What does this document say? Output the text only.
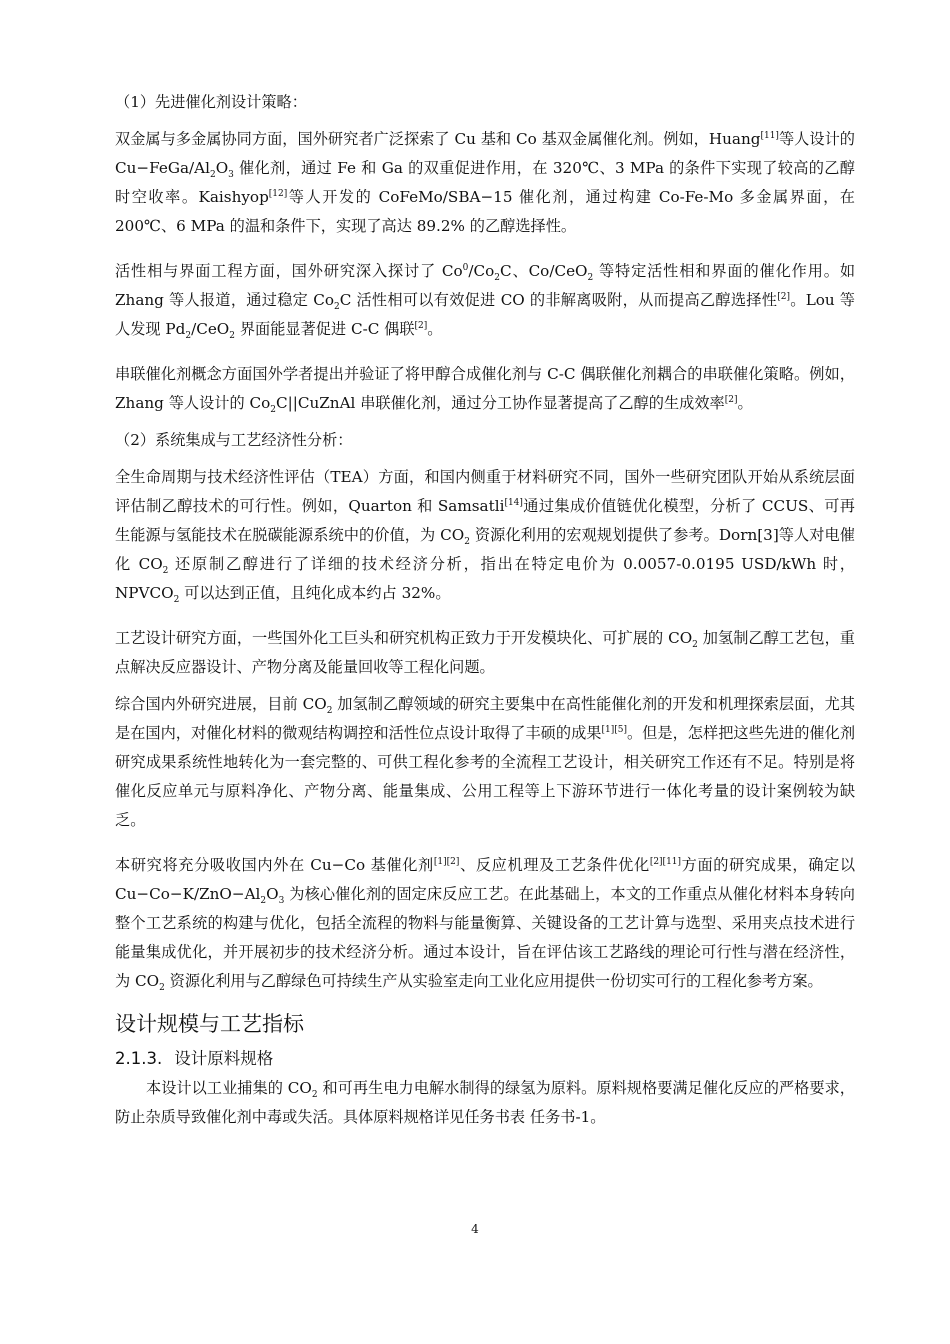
（1）先进催化剂设计策略：

双金属与多金属协同方面，国外研究者广泛探索了 Cu 基和 Co 基双金属催化剂。例如，Huang[11]等人设计的 $Cu-FeGa/Al_2O_3$ 催化剂，通过 Fe 和 Ga 的双重促进作用，在 320℃、3 MPa 的条件下实现了较高的乙醇时空收率。Kaishyop[12]等人开发的 CoFeMo/SBA−15 催化剂，通过构建 Co-Fe-Mo 多金属界面，在 200℃、6 MPa 的温和条件下，实现了高达 89.2% 的乙醇选择性。

活性相与界面工程方面，国外研究深入探讨了 $Co^0/Co_2C$、Co/CeO$_2$ 等特定活性相和界面的催化作用。如 Zhang 等人报道，通过稳定 $Co_2C$ 活性相可以有效促进 CO 的非解离吸附，从而提高乙醇选择性[2]。Lou 等人发现 $Pd_2/CeO_2$ 界面能显著促进 C-C 偶联[2]。

串联催化剂概念方面国外学者提出并验证了将甲醇合成催化剂与 C-C 偶联催化剂耦合的串联催化策略。例如，Zhang 等人设计的 $Co_2C||CuZnAl$ 串联催化剂，通过分工协作显著提高了乙醇的生成效率[2]。

（2）系统集成与工艺经济性分析：

全生命周期与技术经济性评估（TEA）方面，和国内侧重于材料研究不同，国外一些研究团队开始从系统层面评估制乙醇技术的可行性。例如，Quarton 和 Samsatli[14]通过集成价值链优化模型，分析了 CCUS、可再生能源与氢能技术在脱碳能源系统中的价值，为 $CO_2$ 资源化利用的宏观规划提供了参考。Dorn[3]等人对电催化 $CO_2$ 还原制乙醇进行了详细的技术经济分析，指出在特定电价为 0.0057-0.0195 USD/kWh 时，$NPVCO_2$ 可以达到正值，且纯化成本约占 32%。

工艺设计研究方面，一些国外化工巨头和研究机构正致力于开发模块化、可扩展的 $CO_2$ 加氢制乙醇工艺包，重点解决反应器设计、产物分离及能量回收等工程化问题。

综合国内外研究进展，目前 $CO_2$ 加氢制乙醇领域的研究主要集中在高性能催化剂的开发和机理探索层面，尤其是在国内，对催化材料的微观结构调控和活性位点设计取得了丰硕的成果[1][5]。但是，怎样把这些先进的催化剂研究成果系统性地转化为一套完整的、可供工程化参考的全流程工艺设计，相关研究工作还有不足。特别是将催化反应单元与原料净化、产物分离、能量集成、公用工程等上下游环节进行一体化考量的设计案例较为缺乏。

本研究将充分吸收国内外在 Cu−Co 基催化剂[1][2]、反应机理及工艺条件优化[2][11]方面的研究成果，确定以 $Cu-Co-K/ZnO-Al_2O_3$ 为核心催化剂的固定床反应工艺。在此基础上，本文的工作重点从催化材料本身转向整个工艺系统的构建与优化，包括全流程的物料与能量衡算、关键设备的工艺计算与选型、采用夹点技术进行能量集成优化，并开展初步的技术经济分析。通过本设计，旨在评估该工艺路线的理论可行性与潜在经济性，为 $CO_2$ 资源化利用与乙醇绿色可持续生产从实验室走向工业化应用提供一份切实可行的工程化参考方案。

设计规模与工艺指标
2.1.3. 设计原料规格

本设计以工业捕集的 $CO_2$ 和可再生电力电解水制得的绿氢为原料。原料规格要满足催化反应的严格要求，防止杂质导致催化剂中毒或失活。具体原料规格详见任务书表 任务书-1。

4
